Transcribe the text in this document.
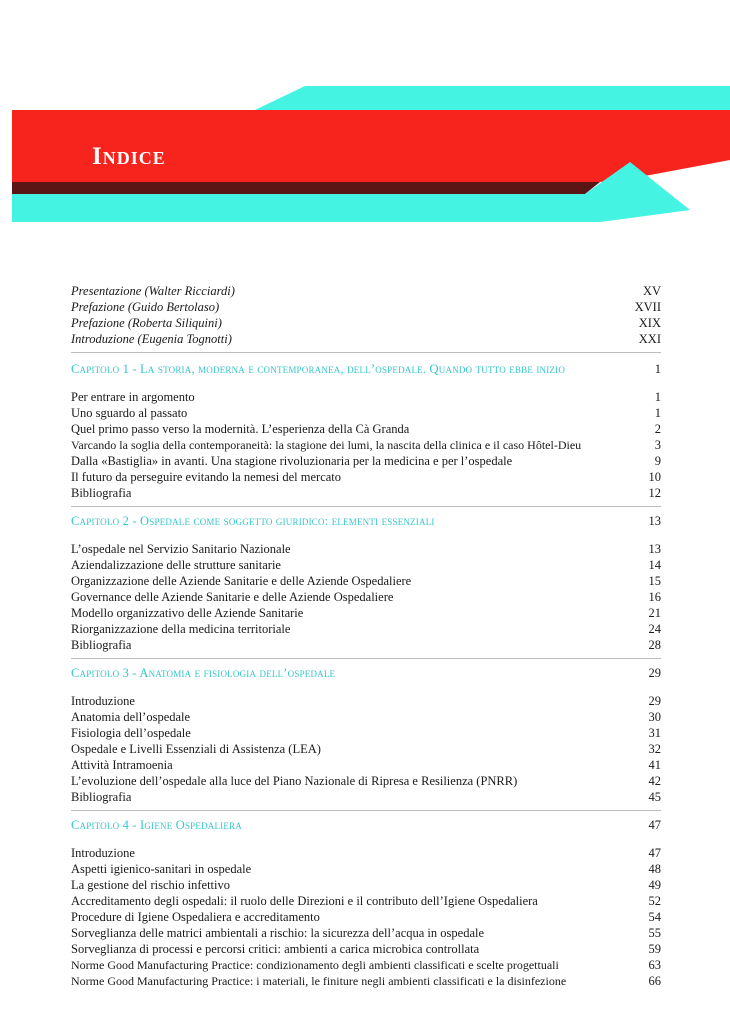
Indice
Presentazione (Walter Ricciardi)	XV
Prefazione (Guido Bertolaso)	XVII
Prefazione (Roberta Siliquini)	XIX
Introduzione (Eugenia Tognotti)	XXI
Capitolo 1 - La storia, moderna e contemporanea, dell’ospedale. Quando tutto ebbe inizio	1
Per entrare in argomento	1
Uno sguardo al passato	1
Quel primo passo verso la modernità. L’esperienza della Cà Granda	2
Varcando la soglia della contemporaneità: la stagione dei lumi, la nascita della clinica e il caso Hôtel-Dieu	3
Dalla «Bastiglia» in avanti. Una stagione rivoluzionaria per la medicina e per l’ospedale	9
Il futuro da perseguire evitando la nemesi del mercato	10
Bibliografia	12
Capitolo 2 - Ospedale come soggetto giuridico: elementi essenziali	13
L’ospedale nel Servizio Sanitario Nazionale	13
Aziendalizzazione delle strutture sanitarie	14
Organizzazione delle Aziende Sanitarie e delle Aziende Ospedaliere	15
Governance delle Aziende Sanitarie e delle Aziende Ospedaliere	16
Modello organizzativo delle Aziende Sanitarie	21
Riorganizzazione della medicina territoriale	24
Bibliografia	28
Capitolo 3 - Anatomia e fisiologia dell’ospedale	29
Introduzione	29
Anatomia dell’ospedale	30
Fisiologia dell’ospedale	31
Ospedale e Livelli Essenziali di Assistenza (LEA)	32
Attività Intramoenia	41
L’evoluzione dell’ospedale alla luce del Piano Nazionale di Ripresa e Resilienza (PNRR)	42
Bibliografia	45
Capitolo 4 - Igiene Ospedaliera	47
Introduzione	47
Aspetti igienico-sanitari in ospedale	48
La gestione del rischio infettivo	49
Accreditamento degli ospedali: il ruolo delle Direzioni e il contributo dell’Igiene Ospedaliera	52
Procedure di Igiene Ospedaliera e accreditamento	54
Sorveglianza delle matrici ambientali a rischio: la sicurezza dell’acqua in ospedale	55
Sorveglianza di processi e percorsi critici: ambienti a carica microbica controllata	59
Norme Good Manufacturing Practice: condizionamento degli ambienti classificati e scelte progettuali	63
Norme Good Manufacturing Practice: i materiali, le finiture negli ambienti classificati e la disinfezione	66
